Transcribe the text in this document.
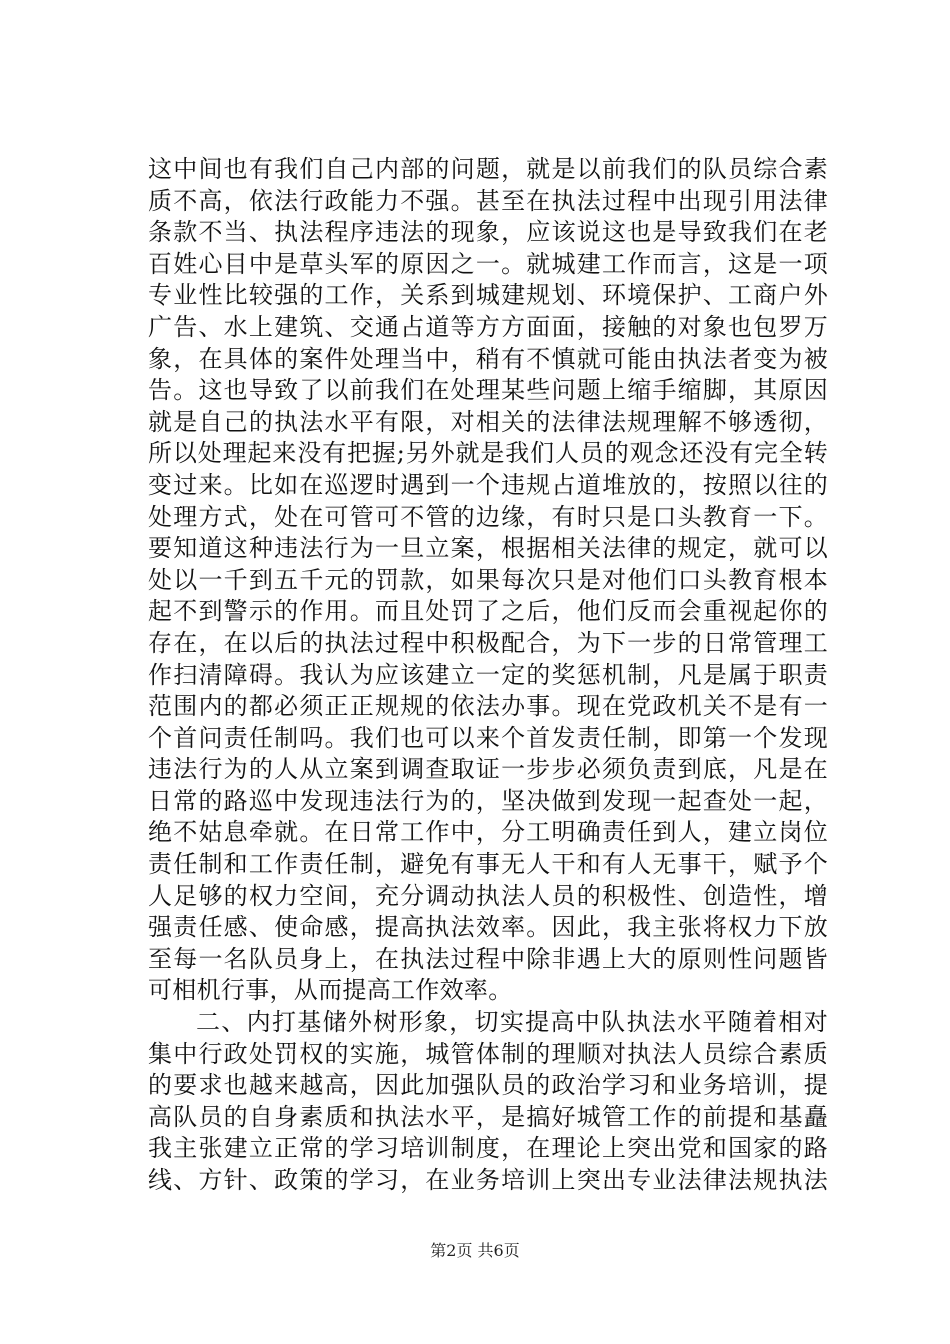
这中间也有我们自己内部的问题，就是以前我们的队员综合素
质不高，依法行政能力不强。甚至在执法过程中出现引用法律
条款不当、执法程序违法的现象，应该说这也是导致我们在老
百姓心目中是草头军的原因之一。就城建工作而言，这是一项
专业性比较强的工作，关系到城建规划、环境保护、工商户外
广告、水上建筑、交通占道等方方面面，接触的对象也包罗万
象，在具体的案件处理当中，稍有不慎就可能由执法者变为被
告。这也导致了以前我们在处理某些问题上缩手缩脚，其原因
就是自己的执法水平有限，对相关的法律法规理解不够透彻，
所以处理起来没有把握;另外就是我们人员的观念还没有完全转
变过来。比如在巡逻时遇到一个违规占道堆放的，按照以往的
处理方式，处在可管可不管的边缘，有时只是口头教育一下。
要知道这种违法行为一旦立案，根据相关法律的规定，就可以
处以一千到五千元的罚款，如果每次只是对他们口头教育根本
起不到警示的作用。而且处罚了之后，他们反而会重视起你的
存在，在以后的执法过程中积极配合，为下一步的日常管理工
作扫清障碍。我认为应该建立一定的奖惩机制，凡是属于职责
范围内的都必须正正规规的依法办事。现在党政机关不是有一
个首问责任制吗。我们也可以来个首发责任制，即第一个发现
违法行为的人从立案到调查取证一步步必须负责到底，凡是在
日常的路巡中发现违法行为的，坚决做到发现一起查处一起，
绝不姑息牵就。在日常工作中，分工明确责任到人，建立岗位
责任制和工作责任制，避免有事无人干和有人无事干，赋予个
人足够的权力空间，充分调动执法人员的积极性、创造性，增
强责任感、使命感，提高执法效率。因此，我主张将权力下放
至每一名队员身上，在执法过程中除非遇上大的原则性问题皆
可相机行事，从而提高工作效率。
二、内打基储外树形象，切实提高中队执法水平随着相对
集中行政处罚权的实施，城管体制的理顺对执法人员综合素质
的要求也越来越高，因此加强队员的政治学习和业务培训，提
高队员的自身素质和执法水平，是搞好城管工作的前提和基矗
我主张建立正常的学习培训制度，在理论上突出党和国家的路
线、方针、政策的学习，在业务培训上突出专业法律法规执法
第2页 共6页
